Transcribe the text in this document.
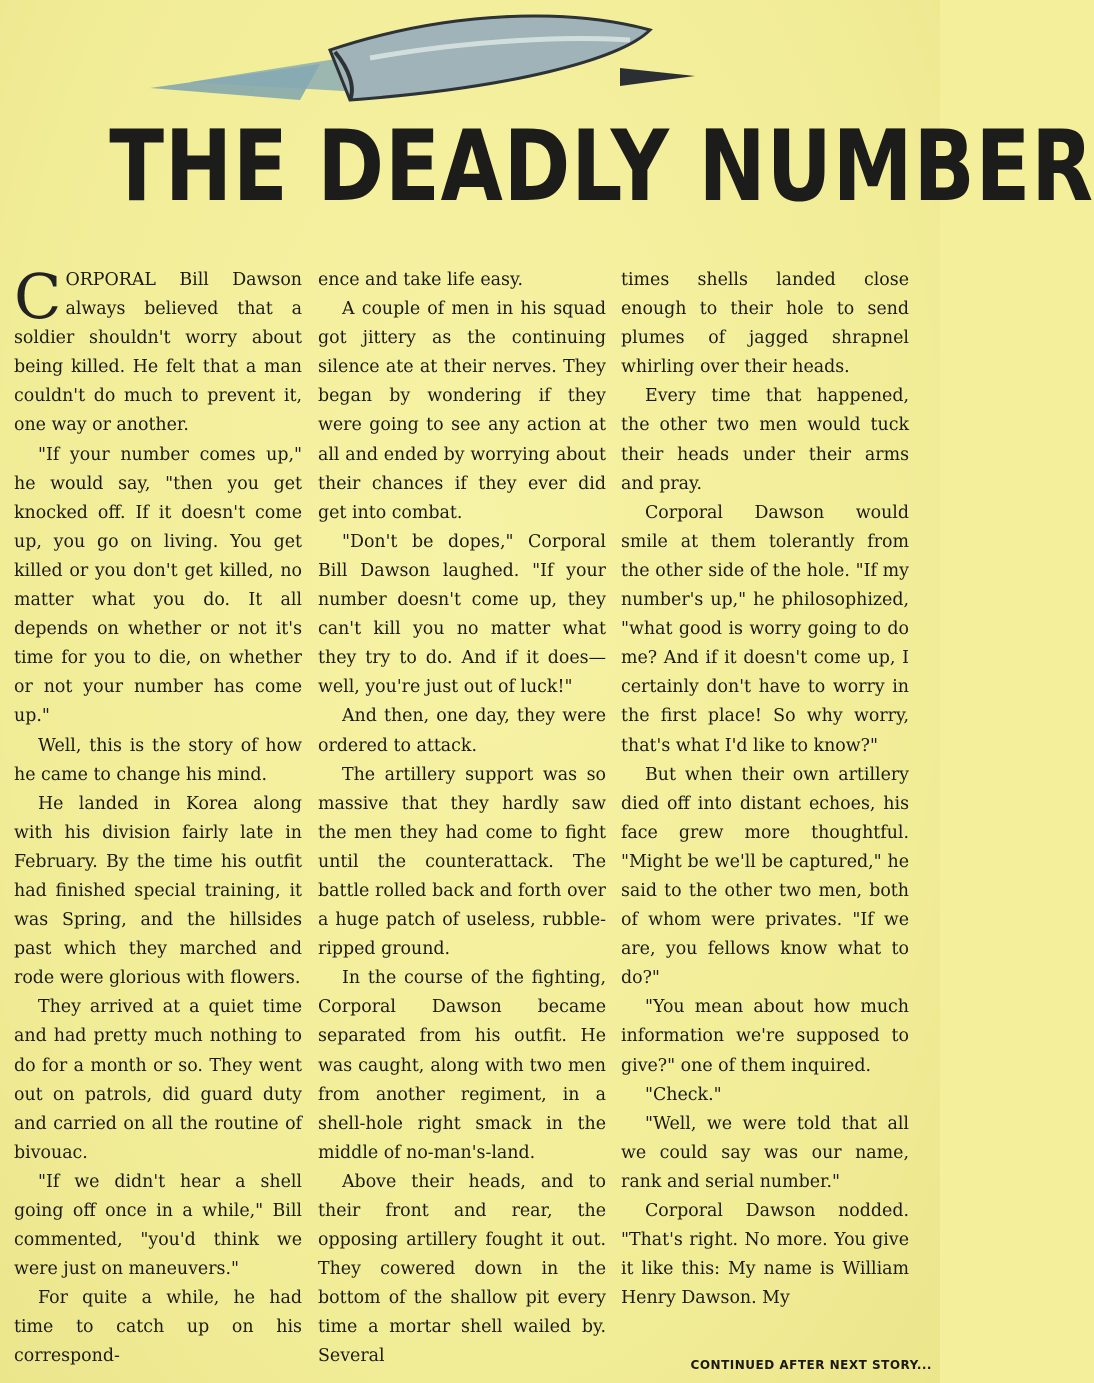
THE DEADLY NUMBER
C ORPORAL Bill Dawson always believed that a soldier shouldn't worry about being killed. He felt that a man couldn't do much to prevent it, one way or another.

"If your number comes up," he would say, "then you get knocked off. If it doesn't come up, you go on living. You get killed or you don't get killed, no matter what you do. It all depends on whether or not it's time for you to die, on whether or not your number has come up."

Well, this is the story of how he came to change his mind.

He landed in Korea along with his division fairly late in February. By the time his outfit had finished special training, it was Spring, and the hillsides past which they marched and rode were glorious with flowers.

They arrived at a quiet time and had pretty much nothing to do for a month or so. They went out on patrols, did guard duty and carried on all the routine of bivouac.

"If we didn't hear a shell going off once in a while," Bill commented, "you'd think we were just on maneuvers."

For quite a while, he had time to catch up on his correspond-

ence and take life easy.

A couple of men in his squad got jittery as the continuing silence ate at their nerves. They began by wondering if they were going to see any action at all and ended by worrying about their chances if they ever did get into combat.

"Don't be dopes," Corporal Bill Dawson laughed. "If your number doesn't come up, they can't kill you no matter what they try to do. And if it does— well, you're just out of luck!"

And then, one day, they were ordered to attack.

The artillery support was so massive that they hardly saw the men they had come to fight until the counterattack. The battle rolled back and forth over a huge patch of useless, rubble-ripped ground.

In the course of the fighting, Corporal Dawson became separated from his outfit. He was caught, along with two men from another regiment, in a shell-hole right smack in the middle of no-man's-land.

Above their heads, and to their front and rear, the opposing artillery fought it out. They cowered down in the bottom of the shallow pit every time a mortar shell wailed by. Several

times shells landed close enough to their hole to send plumes of jagged shrapnel whirling over their heads.

Every time that happened, the other two men would tuck their heads under their arms and pray.

Corporal Dawson would smile at them tolerantly from the other side of the hole. "If my number's up," he philosophized, "what good is worry going to do me? And if it doesn't come up, I certainly don't have to worry in the first place! So why worry, that's what I'd like to know?"

But when their own artillery died off into distant echoes, his face grew more thoughtful. "Might be we'll be captured," he said to the other two men, both of whom were privates. "If we are, you fellows know what to do?"

"You mean about how much information we're supposed to give?" one of them inquired.

"Check."

"Well, we were told that all we could say was our name, rank and serial number."

Corporal Dawson nodded. "That's right. No more. You give it like this: My name is William Henry Dawson. My

CONTINUED AFTER NEXT STORY...
